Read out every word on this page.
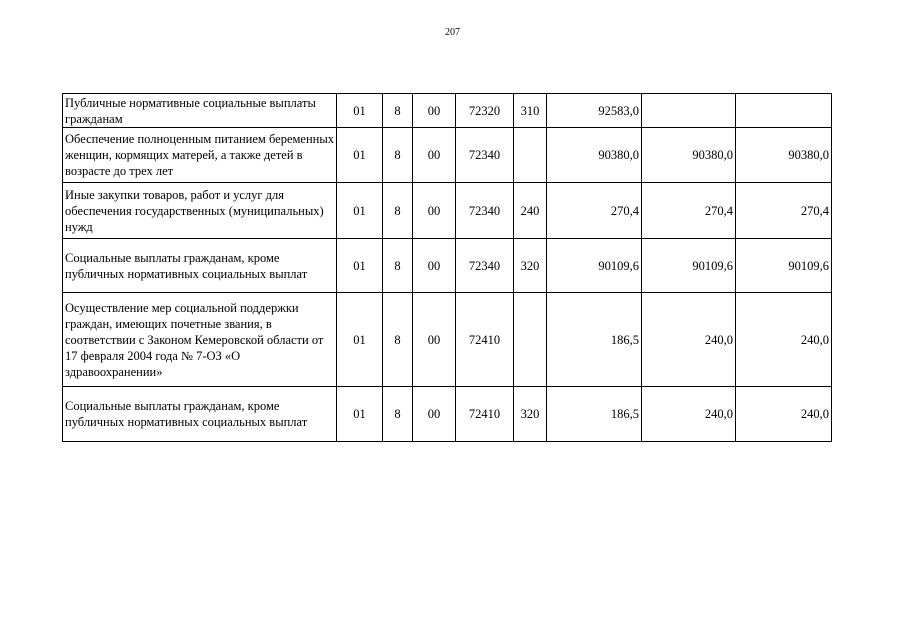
207
Публичные нормативные социальные выплаты гражданам	01	8	00	72320	310	92583,0		
Обеспечение полноценным питанием беременных женщин, кормящих матерей, а также детей в возрасте до трех лет	01	8	00	72340		90380,0	90380,0	90380,0
Иные закупки товаров, работ и услуг для обеспечения государственных (муниципальных) нужд	01	8	00	72340	240	270,4	270,4	270,4
Социальные выплаты гражданам, кроме публичных нормативных социальных выплат	01	8	00	72340	320	90109,6	90109,6	90109,6
Осуществление мер социальной поддержки граждан, имеющих почетные звания, в соответствии с Законом Кемеровской области от 17 февраля 2004 года № 7-ОЗ «О здравоохранении»	01	8	00	72410		186,5	240,0	240,0
Социальные выплаты гражданам, кроме публичных нормативных социальных выплат	01	8	00	72410	320	186,5	240,0	240,0
